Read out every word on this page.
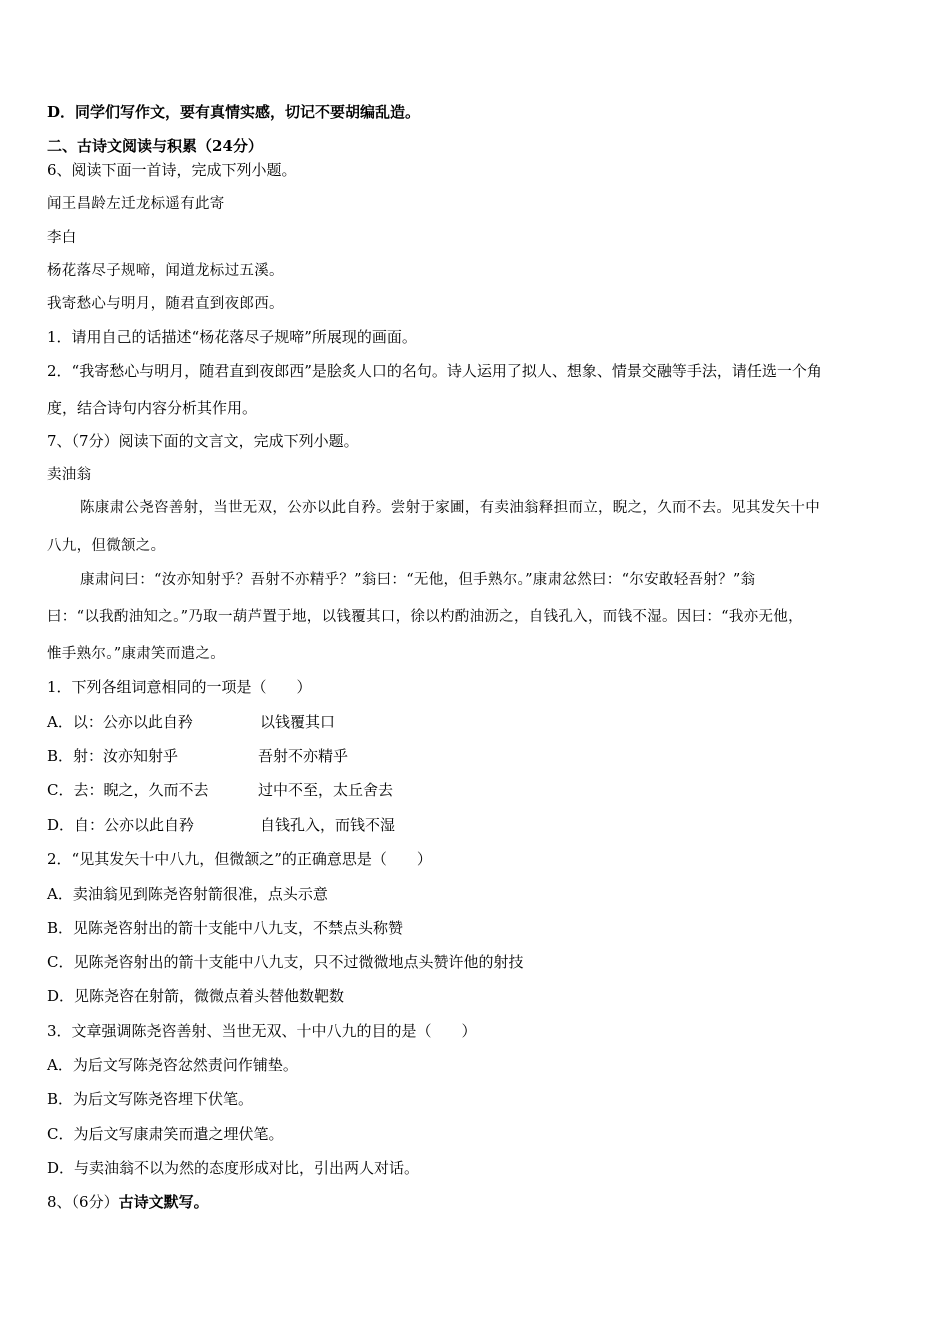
D．同学们写作文，要有真情实感，切记不要胡编乱造。
二、古诗文阅读与积累（24分）
6、阅读下面一首诗，完成下列小题。
闻王昌龄左迁龙标遥有此寄
李白
杨花落尽子规啼，闻道龙标过五溪。
我寄愁心与明月，随君直到夜郎西。
1．请用自己的话描述“杨花落尽子规啼”所展现的画面。
2．“我寄愁心与明月，随君直到夜郎西”是脍炙人口的名句。诗人运用了拟人、想象、情景交融等手法，请任选一个角
度，结合诗句内容分析其作用。
7、（7分）阅读下面的文言文，完成下列小题。
卖油翁
陈康肃公尧咨善射，当世无双，公亦以此自矜。尝射于家圃，有卖油翁释担而立，睨之，久而不去。见其发矢十中
八九，但微颔之。
康肃问曰：“汝亦知射乎？吾射不亦精乎？”翁曰：“无他，但手熟尔。”康肃忿然曰：“尔安敢轻吾射？”翁
曰：“以我酌油知之。”乃取一葫芦置于地，以钱覆其口，徐以杓酌油沥之，自钱孔入，而钱不湿。因曰：“我亦无他，
惟手熟尔。”康肃笑而遣之。
1．下列各组词意相同的一项是（　　）
A．以：公亦以此自矜	以钱覆其口
B．射：汝亦知射乎	吾射不亦精乎
C．去：睨之，久而不去	过中不至，太丘舍去
D．自：公亦以此自矜	自钱孔入，而钱不湿
2．“见其发矢十中八九，但微颔之”的正确意思是（　　）
A．卖油翁见到陈尧咨射箭很准，点头示意
B．见陈尧咨射出的箭十支能中八九支，不禁点头称赞
C．见陈尧咨射出的箭十支能中八九支，只不过微微地点头赞许他的射技
D．见陈尧咨在射箭，微微点着头替他数靶数
3．文章强调陈尧咨善射、当世无双、十中八九的目的是（　　）
A．为后文写陈尧咨忿然责问作铺垫。
B．为后文写陈尧咨埋下伏笔。
C．为后文写康肃笑而遣之埋伏笔。
D．与卖油翁不以为然的态度形成对比，引出两人对话。
8、（6分）古诗文默写。
